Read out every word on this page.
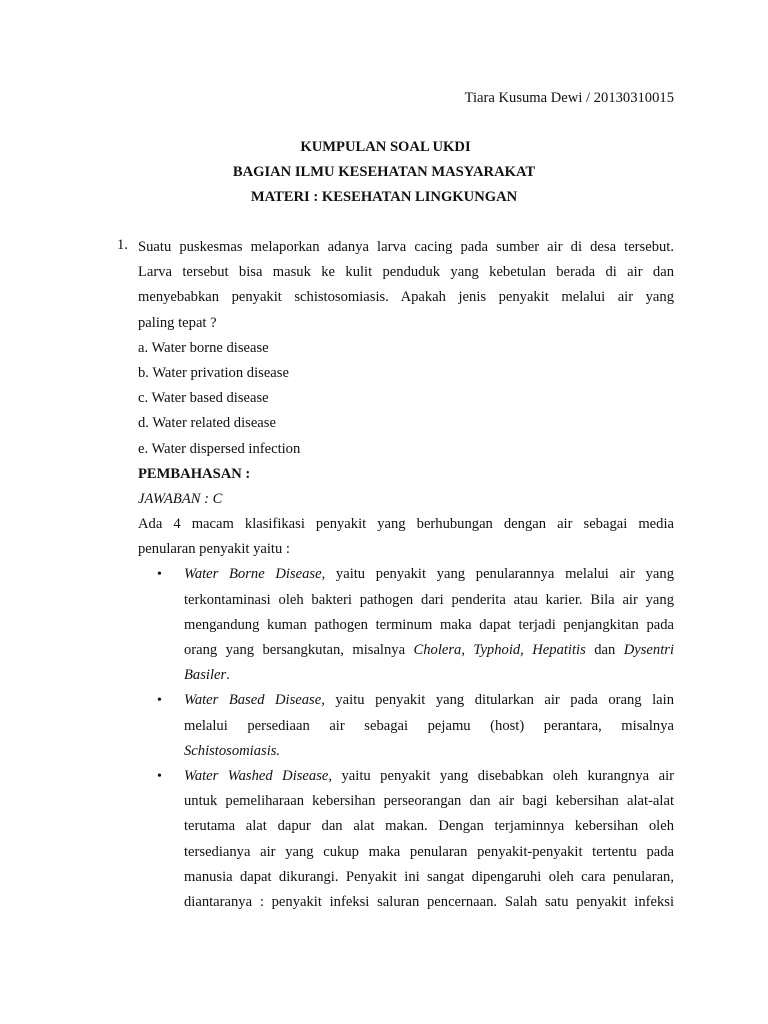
Tiara Kusuma Dewi / 20130310015
KUMPULAN SOAL UKDI
BAGIAN ILMU KESEHATAN MASYARAKAT
MATERI : KESEHATAN LINGKUNGAN
1. Suatu puskesmas melaporkan adanya larva cacing pada sumber air di desa tersebut.
Larva tersebut bisa masuk ke kulit penduduk yang kebetulan berada di air dan
menyebabkan penyakit schistosomiasis. Apakah jenis penyakit melalui air yang
paling tepat ?
a. Water borne disease
b. Water privation disease
c. Water based disease
d. Water related disease
e. Water dispersed infection
PEMBAHASAN :
JAWABAN : C
Ada 4 macam klasifikasi penyakit yang berhubungan dengan air sebagai media
penularan penyakit yaitu :
• Water Borne Disease, yaitu penyakit yang penularannya melalui air yang
terkontaminasi oleh bakteri pathogen dari penderita atau karier. Bila air yang
mengandung kuman pathogen terminum maka dapat terjadi penjangkitan pada
orang yang bersangkutan, misalnya Cholera, Typhoid, Hepatitis dan Dysentri
Basiler.
• Water Based Disease, yaitu penyakit yang ditularkan air pada orang lain
melalui persediaan air sebagai pejamu (host) perantara, misalnya
Schistosomiasis.
• Water Washed Disease, yaitu penyakit yang disebabkan oleh kurangnya air
untuk pemeliharaan kebersihan perseorangan dan air bagi kebersihan alat-alat
terutama alat dapur dan alat makan. Dengan terjaminnya kebersihan oleh
tersedianya air yang cukup maka penularan penyakit-penyakit tertentu pada
manusia dapat dikurangi. Penyakit ini sangat dipengaruhi oleh cara penularan,
diantaranya : penyakit infeksi saluran pencernaan. Salah satu penyakit infeksi
